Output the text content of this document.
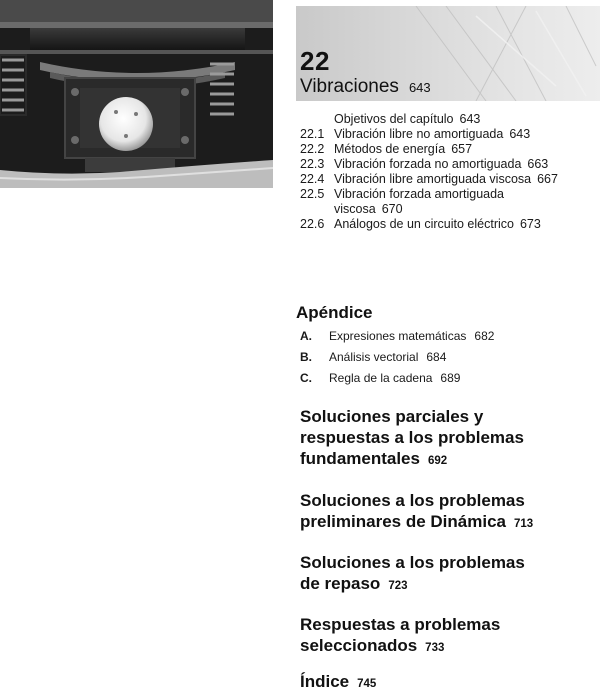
22
Vibraciones 643
Objetivos del capítulo 643
22.1 Vibración libre no amortiguada 643
22.2 Métodos de energía 657
22.3 Vibración forzada no amortiguada 663
22.4 Vibración libre amortiguada viscosa 667
22.5 Vibración forzada amortiguada
viscosa 670
22.6 Análogos de un circuito eléctrico 673
Apéndice
A.	Expresiones matemáticas 682
B.	Análisis vectorial 684
C.	Regla de la cadena 689
Soluciones parciales y
respuestas a los problemas
fundamentales 692
Soluciones a los problemas
preliminares de Dinámica 713
Soluciones a los problemas
de repaso 723
Respuestas a problemas
seleccionados 733
Índice 745
